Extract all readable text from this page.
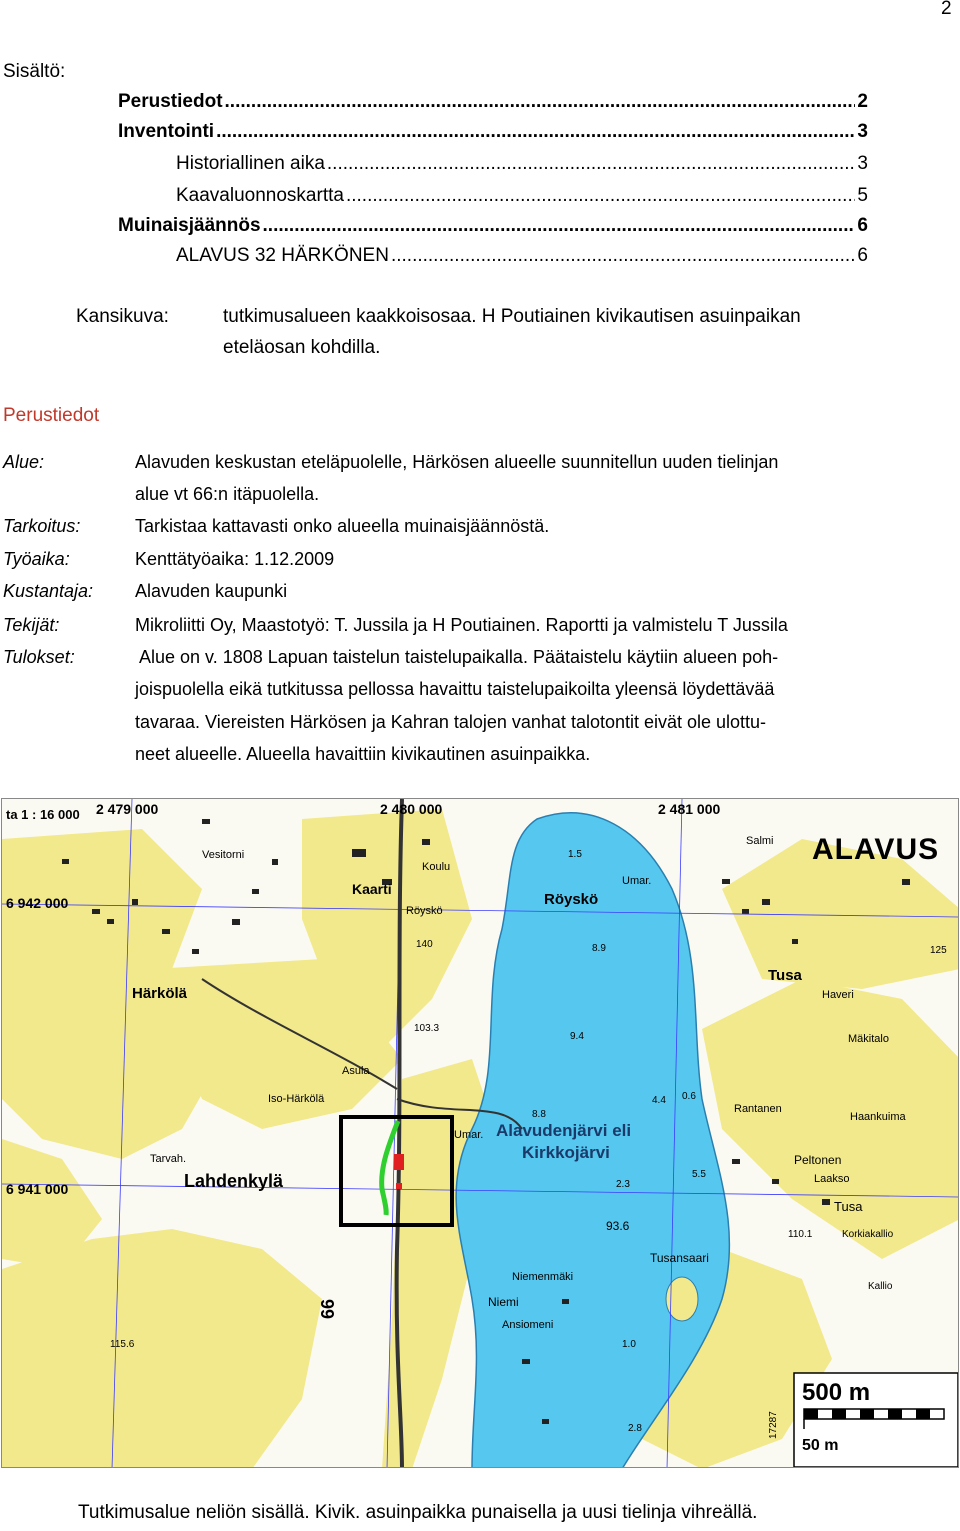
2
Sisältö:
Perustiedot .....	2
Inventointi .....	3
Historiallinen aika .....	3
Kaavaluonnoskartta .....	5
Muinaisjäännös .....	6
ALAVUS 32 HÄRKÖNEN .....	6
Kansikuva:	tutkimusalueen kaakkoisosaa. H Poutiainen kivikautisen asuinpaikan
eteläosan kohdilla.
Perustiedot
Alue:	Alavuden keskustan eteläpuolelle, Härkösen alueelle suunnitellun uuden tielinjan
alue vt 66:n itäpuolella.
Tarkoitus:	Tarkistaa kattavasti onko alueella muinaisjäännöstä.
Työaika:	Kenttätyöaika: 1.12.2009
Kustantaja: Alavuden kaupunki
Tekijät:	Mikroliitti Oy, Maastotyö: T. Jussila ja H Poutiainen. Raportti ja valmistelu T Jussila
Tulokset:	Alue on v. 1808 Lapuan taistelun taistelupaikalla. Päätaistelu käytiin alueen poh-
joispuolella eikä tutkitussa pellossa havaittu taistelupaikoilta yleensä löydettävää
tavaraa. Viereisten Härkösen ja Kahran talojen vanhat talotontit eivät ole ulottu-
neet alueelle. Alueella havaittiin kivikautinen asuinpaikka.
ta 1 : 16 000 2 479 000	2 480 000	2 481 000
6 942 000
6 941 000
ALAVUS
Alavudenjärvi eli
Kirkkojärvi
Vesitorni
Koulu
Kaarti
Röyskö
Röyskö
Umar.
Salmi
Härkölä
Asula
Iso-Härkölä
Tarvah.
Lahdenkylä
Umar.
Tusa
Haveri
Mäkitalo
Rantanen
Haankuima
Peltonen
Laakso
Tusa
Korkiakallio
Kallio
Tusansaari
Niemenmäki
Niemi
Ansiomeni
8.9
9.4
8.8
4.4 0.6
2.3
93.6
2.8
1.5
5.5
1.0
140
125
115.6
110.1
103.3
66
17287
500 m
50 m
Tutkimusalue neliön sisällä. Kivik. asuinpaikka punaisella ja uusi tielinja vihreällä.
